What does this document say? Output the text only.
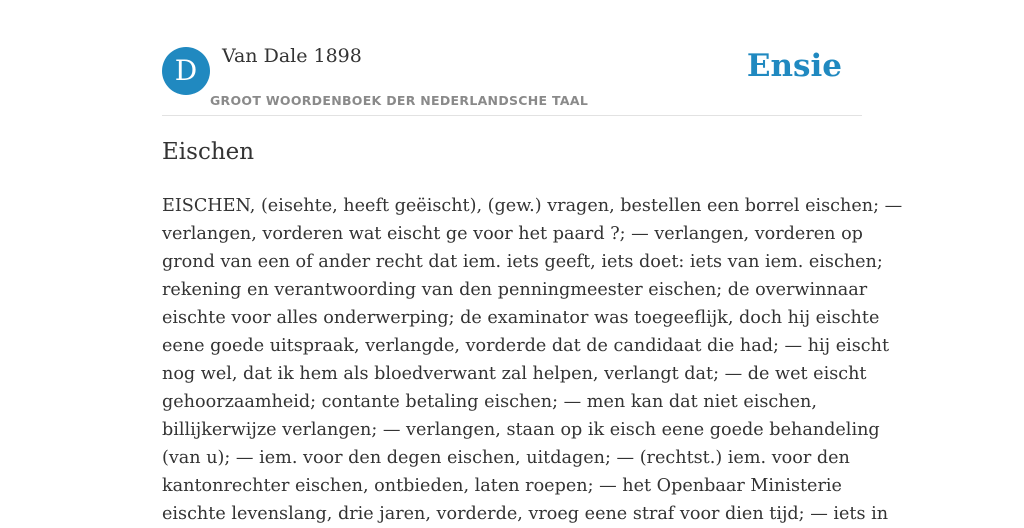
D	Van Dale 1898
GROOT WOORDENBOEK DER NEDERLANDSCHE TAAL
Ensie
Eischen
EISCHEN, (eisehte, heeft geëischt), (gew.) vragen, bestellen een borrel eischen; —
verlangen, vorderen wat eischt ge voor het paard ?; — verlangen, vorderen op
grond van een of ander recht dat iem. iets geeft, iets doet: iets van iem. eischen;
rekening en verantwoording van den penningmeester eischen; de overwinnaar
eischte voor alles onderwerping; de examinator was toegeeflijk, doch hij eischte
eene goede uitspraak, verlangde, vorderde dat de candidaat die had; — hij eischt
nog wel, dat ik hem als bloedverwant zal helpen, verlangt dat; — de wet eischt
gehoorzaamheid; contante betaling eischen; — men kan dat niet eischen,
billijkerwijze verlangen; — verlangen, staan op ik eisch eene goede behandeling
(van u); — iem. voor den degen eischen, uitdagen; — (rechtst.) iem. voor den
kantonrechter eischen, ontbieden, laten roepen; — het Openbaar Ministerie
eischte levenslang, drie jaren, vorderde, vroeg eene straf voor dien tijd; — iets in
